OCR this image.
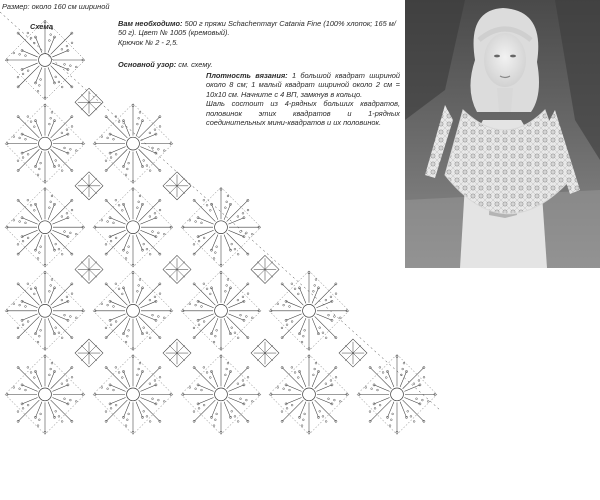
Размер: около 160 см шириной
Схема	Вам необходимо: 500 г пряжи Schachenmayr Catania Fine (100% хлопок; 165 м/ 50 г). Цвет № 1005 (кремовый).
Крючок № 2 - 2,5.
Основной узор: см. схему.
Плотность вязания: 1 большой квадрат шириной около 8 см; 1 малый квадрат шириной около 2 см = 10х10 см. Начните с 4 ВП, замкнув в кольцо.
Шаль состоит из 4-рядных больших квадратов, половинок этих квадратов и 1-рядных соединительных мини-квадратов и их половинок.
